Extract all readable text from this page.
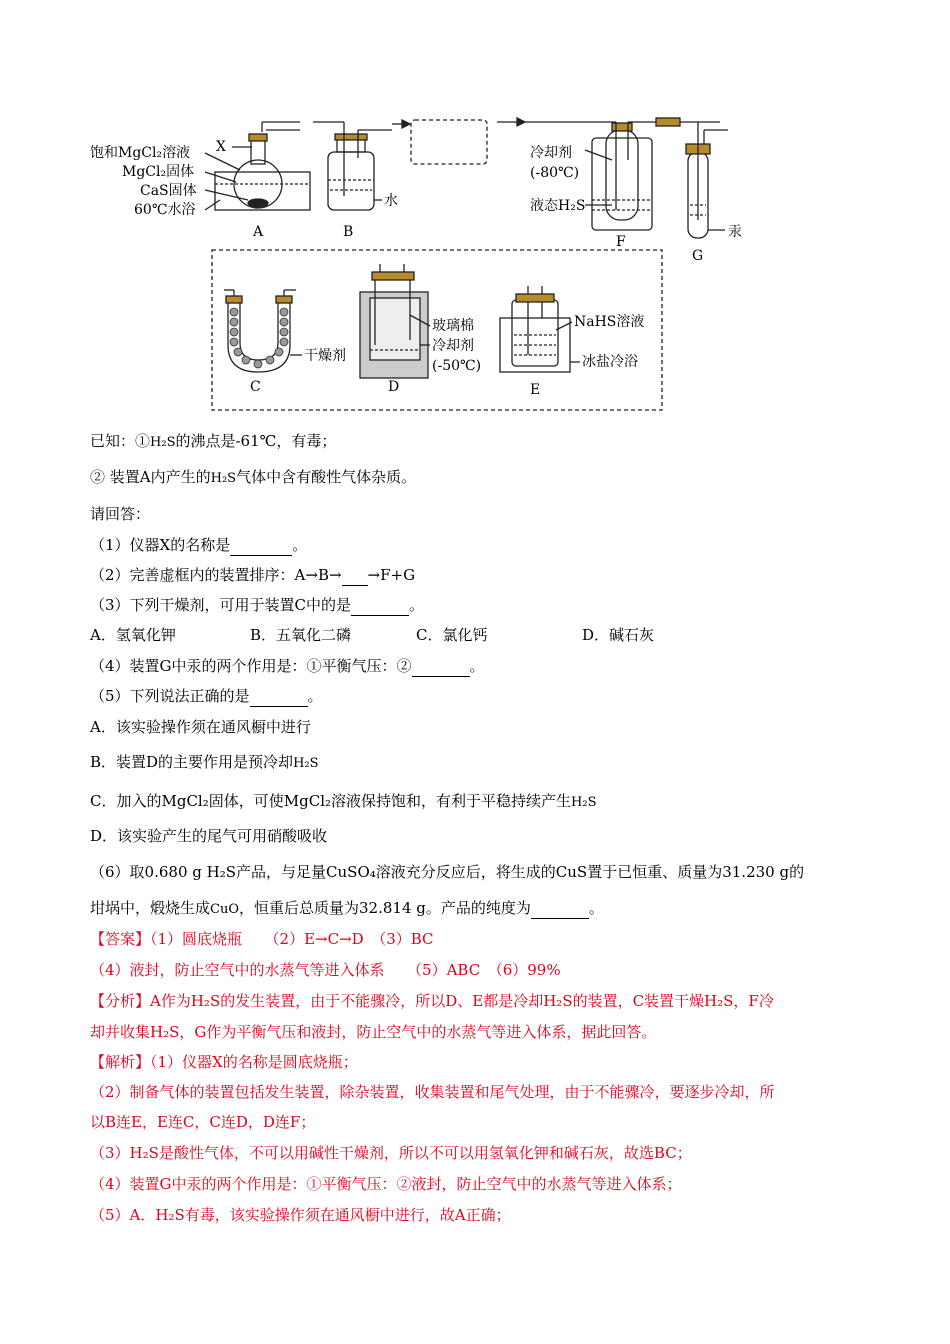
X
饱和MgCl₂溶液
MgCl₂固体
CaS固体
60℃水浴
A
水
B
冷却剂
(-80℃)
液态H₂S
F
汞
G
干燥剂
C
玻璃棉
冷却剂
(-50℃)
D
NaHS溶液
冰盐冷浴
E
已知：①H₂S的沸点是-61℃，有毒；
② 装置A内产生的H₂S气体中含有酸性气体杂质。
请回答：
（1）仪器X的名称是	。
（2）完善虚框内的装置排序：A→B→ →F+G
（3）下列干燥剂，可用于装置C中的是	。
A．氢氧化钾	B．五氧化二磷	C．氯化钙	D．碱石灰
（4）装置G中汞的两个作用是：①平衡气压：②	。
（5）下列说法正确的是	。
A．该实验操作须在通风橱中进行
B．装置D的主要作用是预冷却H₂S
C．加入的MgCl₂固体，可使MgCl₂溶液保持饱和，有利于平稳持续产生H₂S
D．该实验产生的尾气可用硝酸吸收
（6）取0.680 g H₂S产品，与足量CuSO₄溶液充分反应后，将生成的CuS置于已恒重、质量为31.230 g的
坩埚中，煅烧生成CuO，恒重后总质量为32.814 g。产品的纯度为	。
【答案】（1）圆底烧瓶　　（2）E→C→D　（3）BC
（4）液封，防止空气中的水蒸气等进入体系　　（5）ABC　（6）99%
【分析】A作为H₂S的发生装置，由于不能骤冷，所以D、E都是冷却H₂S的装置，C装置干燥H₂S，F冷
却并收集H₂S，G作为平衡气压和液封，防止空气中的水蒸气等进入体系，据此回答。
【解析】（1）仪器X的名称是圆底烧瓶；
（2）制备气体的装置包括发生装置，除杂装置，收集装置和尾气处理，由于不能骤冷，要逐步冷却，所
以B连E，E连C，C连D，D连F；
（3）H₂S是酸性气体，不可以用碱性干燥剂，所以不可以用氢氧化钾和碱石灰，故选BC；
（4）装置G中汞的两个作用是：①平衡气压：②液封，防止空气中的水蒸气等进入体系；
（5）A．H₂S有毒，该实验操作须在通风橱中进行，故A正确；
